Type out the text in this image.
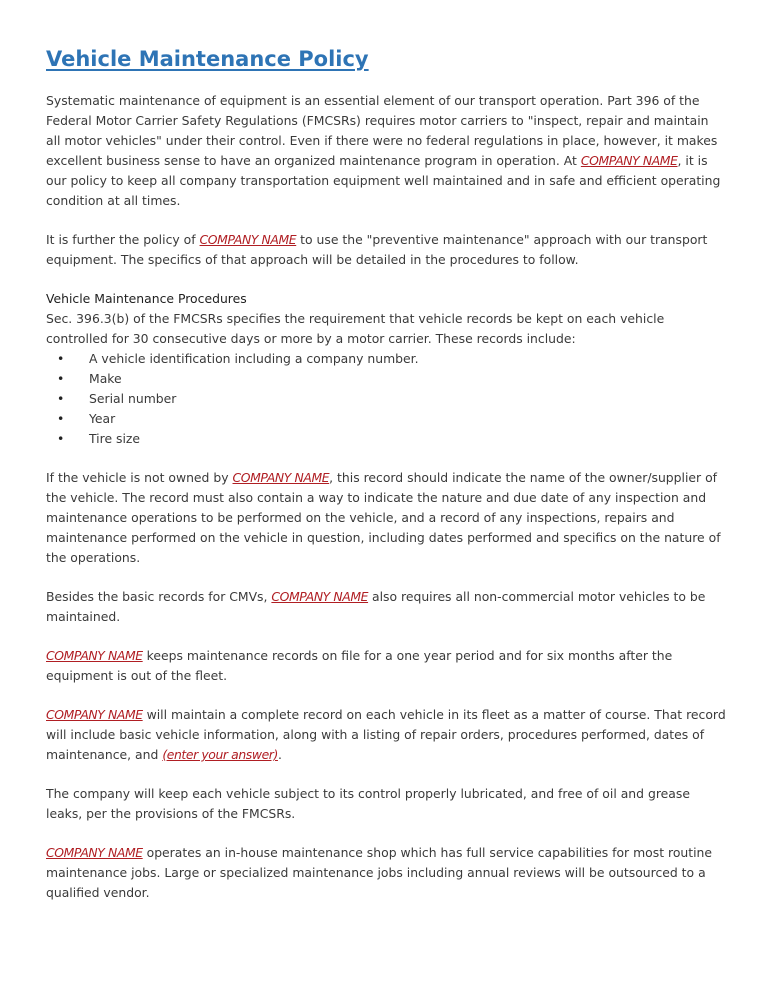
Vehicle Maintenance Policy

Systematic maintenance of equipment is an essential element of our transport operation. Part 396 of the Federal Motor Carrier Safety Regulations (FMCSRs) requires motor carriers to "inspect, repair and maintain all motor vehicles" under their control. Even if there were no federal regulations in place, however, it makes excellent business sense to have an organized maintenance program in operation. At COMPANY NAME, it is our policy to keep all company transportation equipment well maintained and in safe and efficient operating condition at all times.

It is further the policy of COMPANY NAME to use the "preventive maintenance" approach with our transport equipment. The specifics of that approach will be detailed in the procedures to follow.

Vehicle Maintenance Procedures
Sec. 396.3(b) of the FMCSRs specifies the requirement that vehicle records be kept on each vehicle controlled for 30 consecutive days or more by a motor carrier. These records include:
• A vehicle identification including a company number.
• Make
• Serial number
• Year
• Tire size

If the vehicle is not owned by COMPANY NAME, this record should indicate the name of the owner/supplier of the vehicle. The record must also contain a way to indicate the nature and due date of any inspection and maintenance operations to be performed on the vehicle, and a record of any inspections, repairs and maintenance performed on the vehicle in question, including dates performed and specifics on the nature of the operations.

Besides the basic records for CMVs, COMPANY NAME also requires all non-commercial motor vehicles to be maintained.

COMPANY NAME keeps maintenance records on file for a one year period and for six months after the equipment is out of the fleet.

COMPANY NAME will maintain a complete record on each vehicle in its fleet as a matter of course. That record will include basic vehicle information, along with a listing of repair orders, procedures performed, dates of maintenance, and (enter your answer).

The company will keep each vehicle subject to its control properly lubricated, and free of oil and grease leaks, per the provisions of the FMCSRs.

COMPANY NAME operates an in-house maintenance shop which has full service capabilities for most routine maintenance jobs. Large or specialized maintenance jobs including annual reviews will be outsourced to a qualified vendor.
